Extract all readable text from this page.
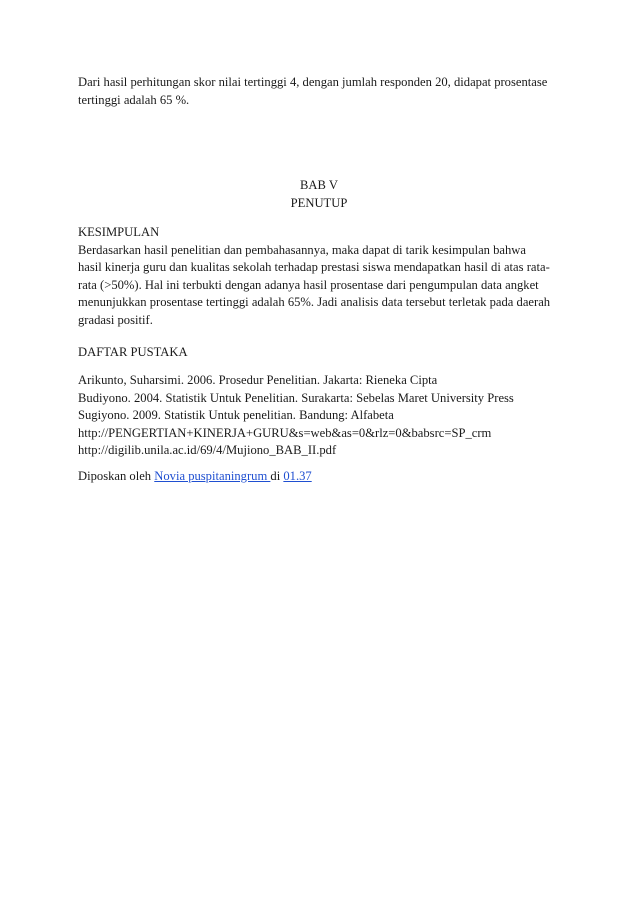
Dari hasil perhitungan skor nilai tertinggi 4, dengan jumlah responden 20, didapat prosentase

tertinggi adalah 65 %.

BAB V
PENUTUP

KESIMPULAN

Berdasarkan hasil penelitian dan pembahasannya, maka dapat di tarik kesimpulan bahwa

hasil kinerja guru dan kualitas sekolah terhadap prestasi siswa mendapatkan hasil di atas rata-

rata (>50%). Hal ini terbukti dengan adanya hasil prosentase dari pengumpulan data angket

menunjukkan prosentase tertinggi adalah 65%. Jadi analisis data tersebut terletak pada daerah

gradasi positif.

DAFTAR PUSTAKA

Arikunto, Suharsimi. 2006. Prosedur Penelitian. Jakarta: Rieneka Cipta

Budiyono. 2004. Statistik Untuk Penelitian. Surakarta: Sebelas Maret University Press

Sugiyono. 2009. Statistik Untuk penelitian. Bandung: Alfabeta

http://PENGERTIAN+KINERJA+GURU&s=web&as=0&rlz=0&babsrc=SP_crm

http://digilib.unila.ac.id/69/4/Mujiono_BAB_II.pdf

Diposkan oleh Novia puspitaningrum di 01.37
